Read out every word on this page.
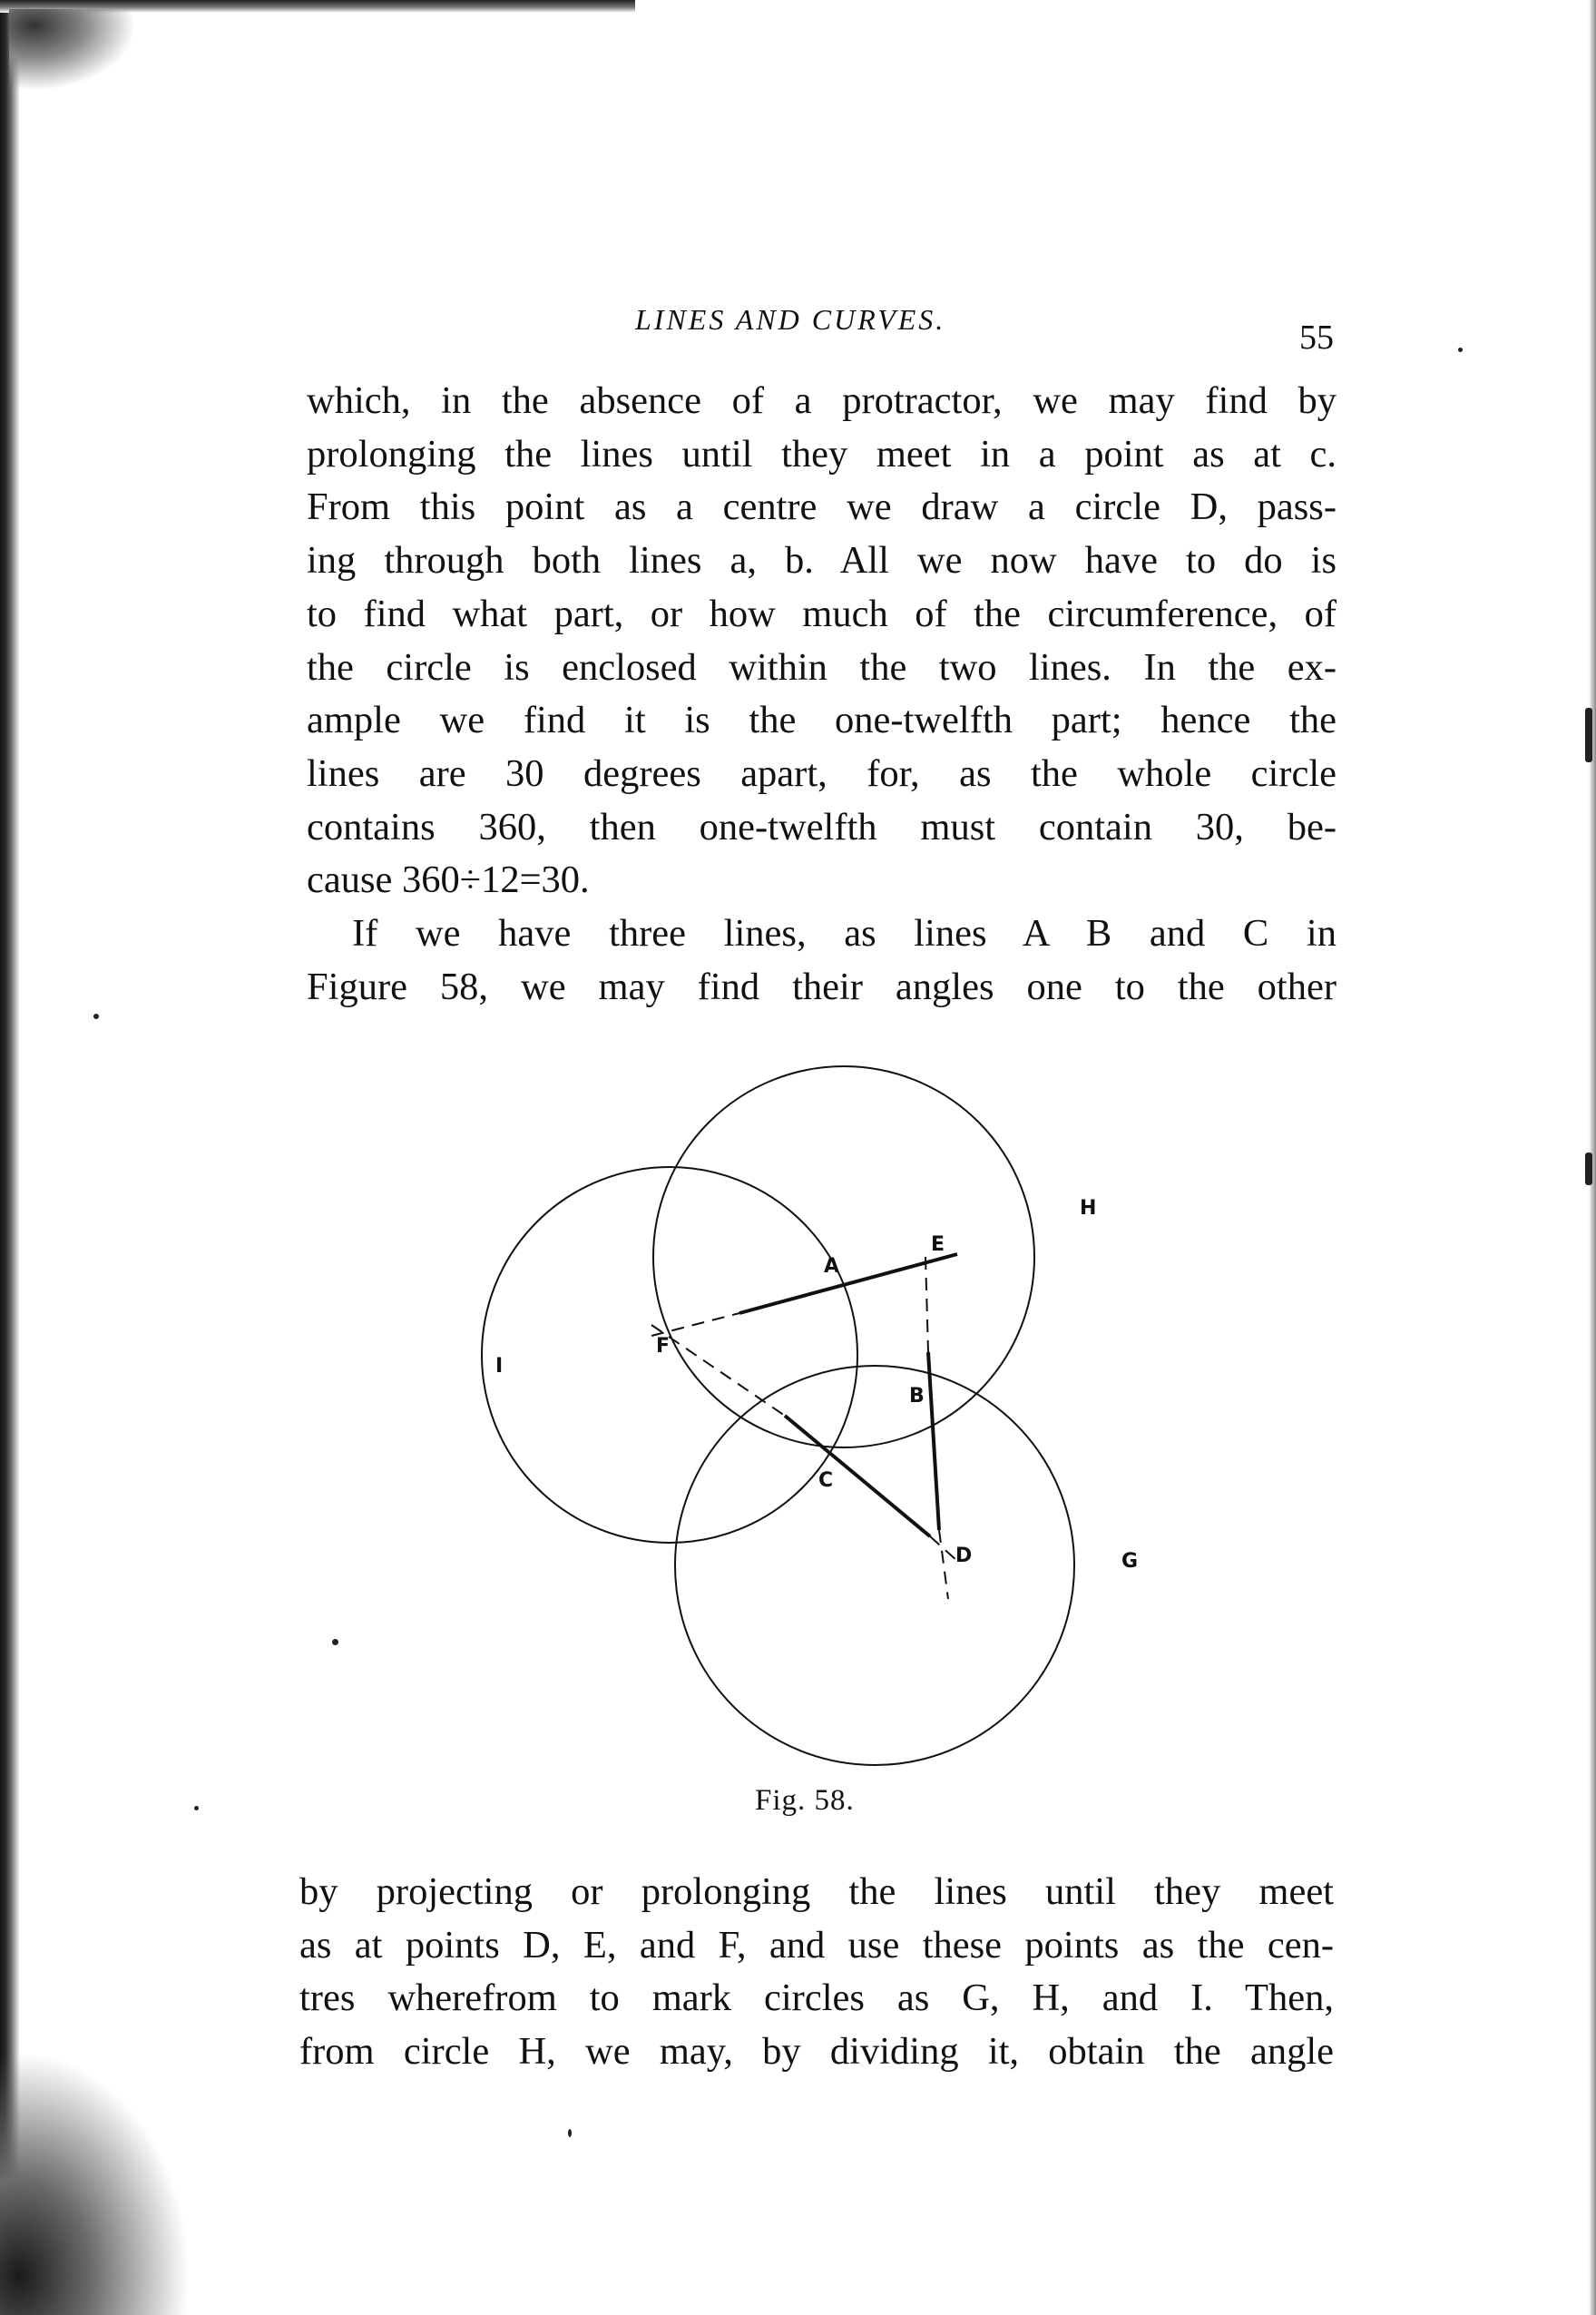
LINES AND CURVES.	55
which, in the absence of a protractor, we may find by
prolonging the lines until they meet in a point as at c.
From this point as a centre we draw a circle D, pass-
ing through both lines a, b. All we now have to do is
to find what part, or how much of the circumference, of
the circle is enclosed within the two lines. In the ex-
ample we find it is the one-twelfth part; hence the
lines are 30 degrees apart, for, as the whole circle
contains 360, then one-twelfth must contain 30, be-
cause 360÷12=30.
If we have three lines, as lines A B and C in
Figure 58, we may find their angles one to the other
A
B
C
D
E
F
G
H
I
Fig. 58.
by projecting or prolonging the lines until they meet
as at points D, E, and F, and use these points as the cen-
tres wherefrom to mark circles as G, H, and I. Then,
from circle H, we may, by dividing it, obtain the angle
